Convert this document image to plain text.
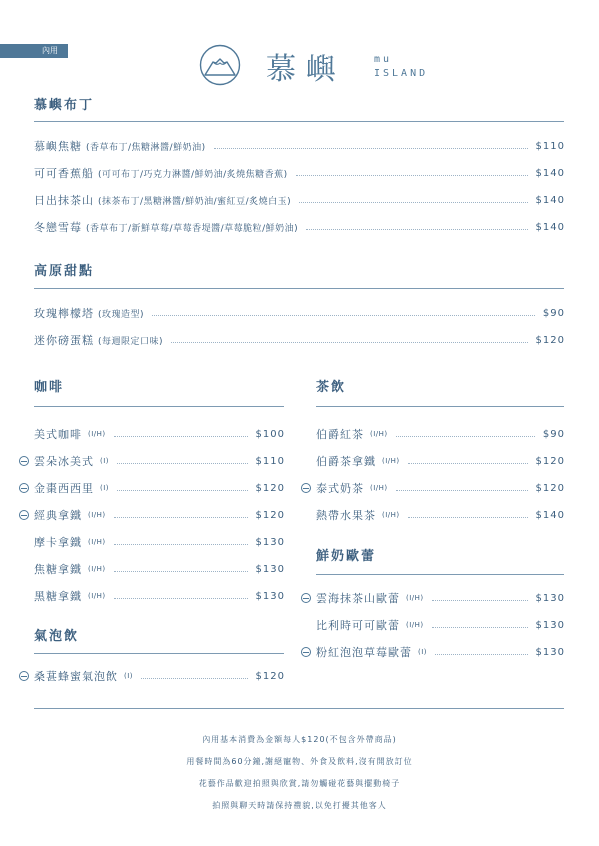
內用
慕嶼	mu
ISLAND
慕嶼布丁
慕嶼焦糖 (香草布丁/焦糖淋醬/鮮奶油)	$110
可可香蕉船 (可可布丁/巧克力淋醬/鮮奶油/炙燒焦糖香蕉)	$140
日出抹茶山 (抹茶布丁/黑糖淋醬/鮮奶油/蜜紅豆/炙燒白玉)	$140
冬戀雪莓 (香草布丁/新鮮草莓/草莓香堤醬/草莓脆粒/鮮奶油)	$140
高原甜點
玫瑰檸檬塔 (玫瑰造型)	$90
迷你磅蛋糕 (每週限定口味)	$120
咖啡
美式咖啡 (I/H)	$100
雲朵冰美式 (I)	$110
金棗西西里 (I)	$120
經典拿鐵 (I/H)	$120
摩卡拿鐵 (I/H)	$130
焦糖拿鐵 (I/H)	$130
黑糖拿鐵 (I/H)	$130
氣泡飲
桑葚蜂蜜氣泡飲 (I)	$120
茶飲
伯爵紅茶 (I/H)	$90
伯爵茶拿鐵 (I/H)	$120
泰式奶茶 (I/H)	$120
熱帶水果茶 (I/H)	$140
鮮奶歐蕾
雲海抹茶山歐蕾 (I/H)	$130
比利時可可歐蕾 (I/H)	$130
粉紅泡泡草莓歐蕾 (I)	$130
內用基本消費為金額每人$120(不包含外帶商品)
用餐時間為60分鐘,謝絕寵物、外食及飲料,沒有開放訂位
花藝作品歡迎拍照與欣賞,請勿觸碰花藝與擺動椅子
拍照與聊天時請保持禮貌,以免打擾其他客人
